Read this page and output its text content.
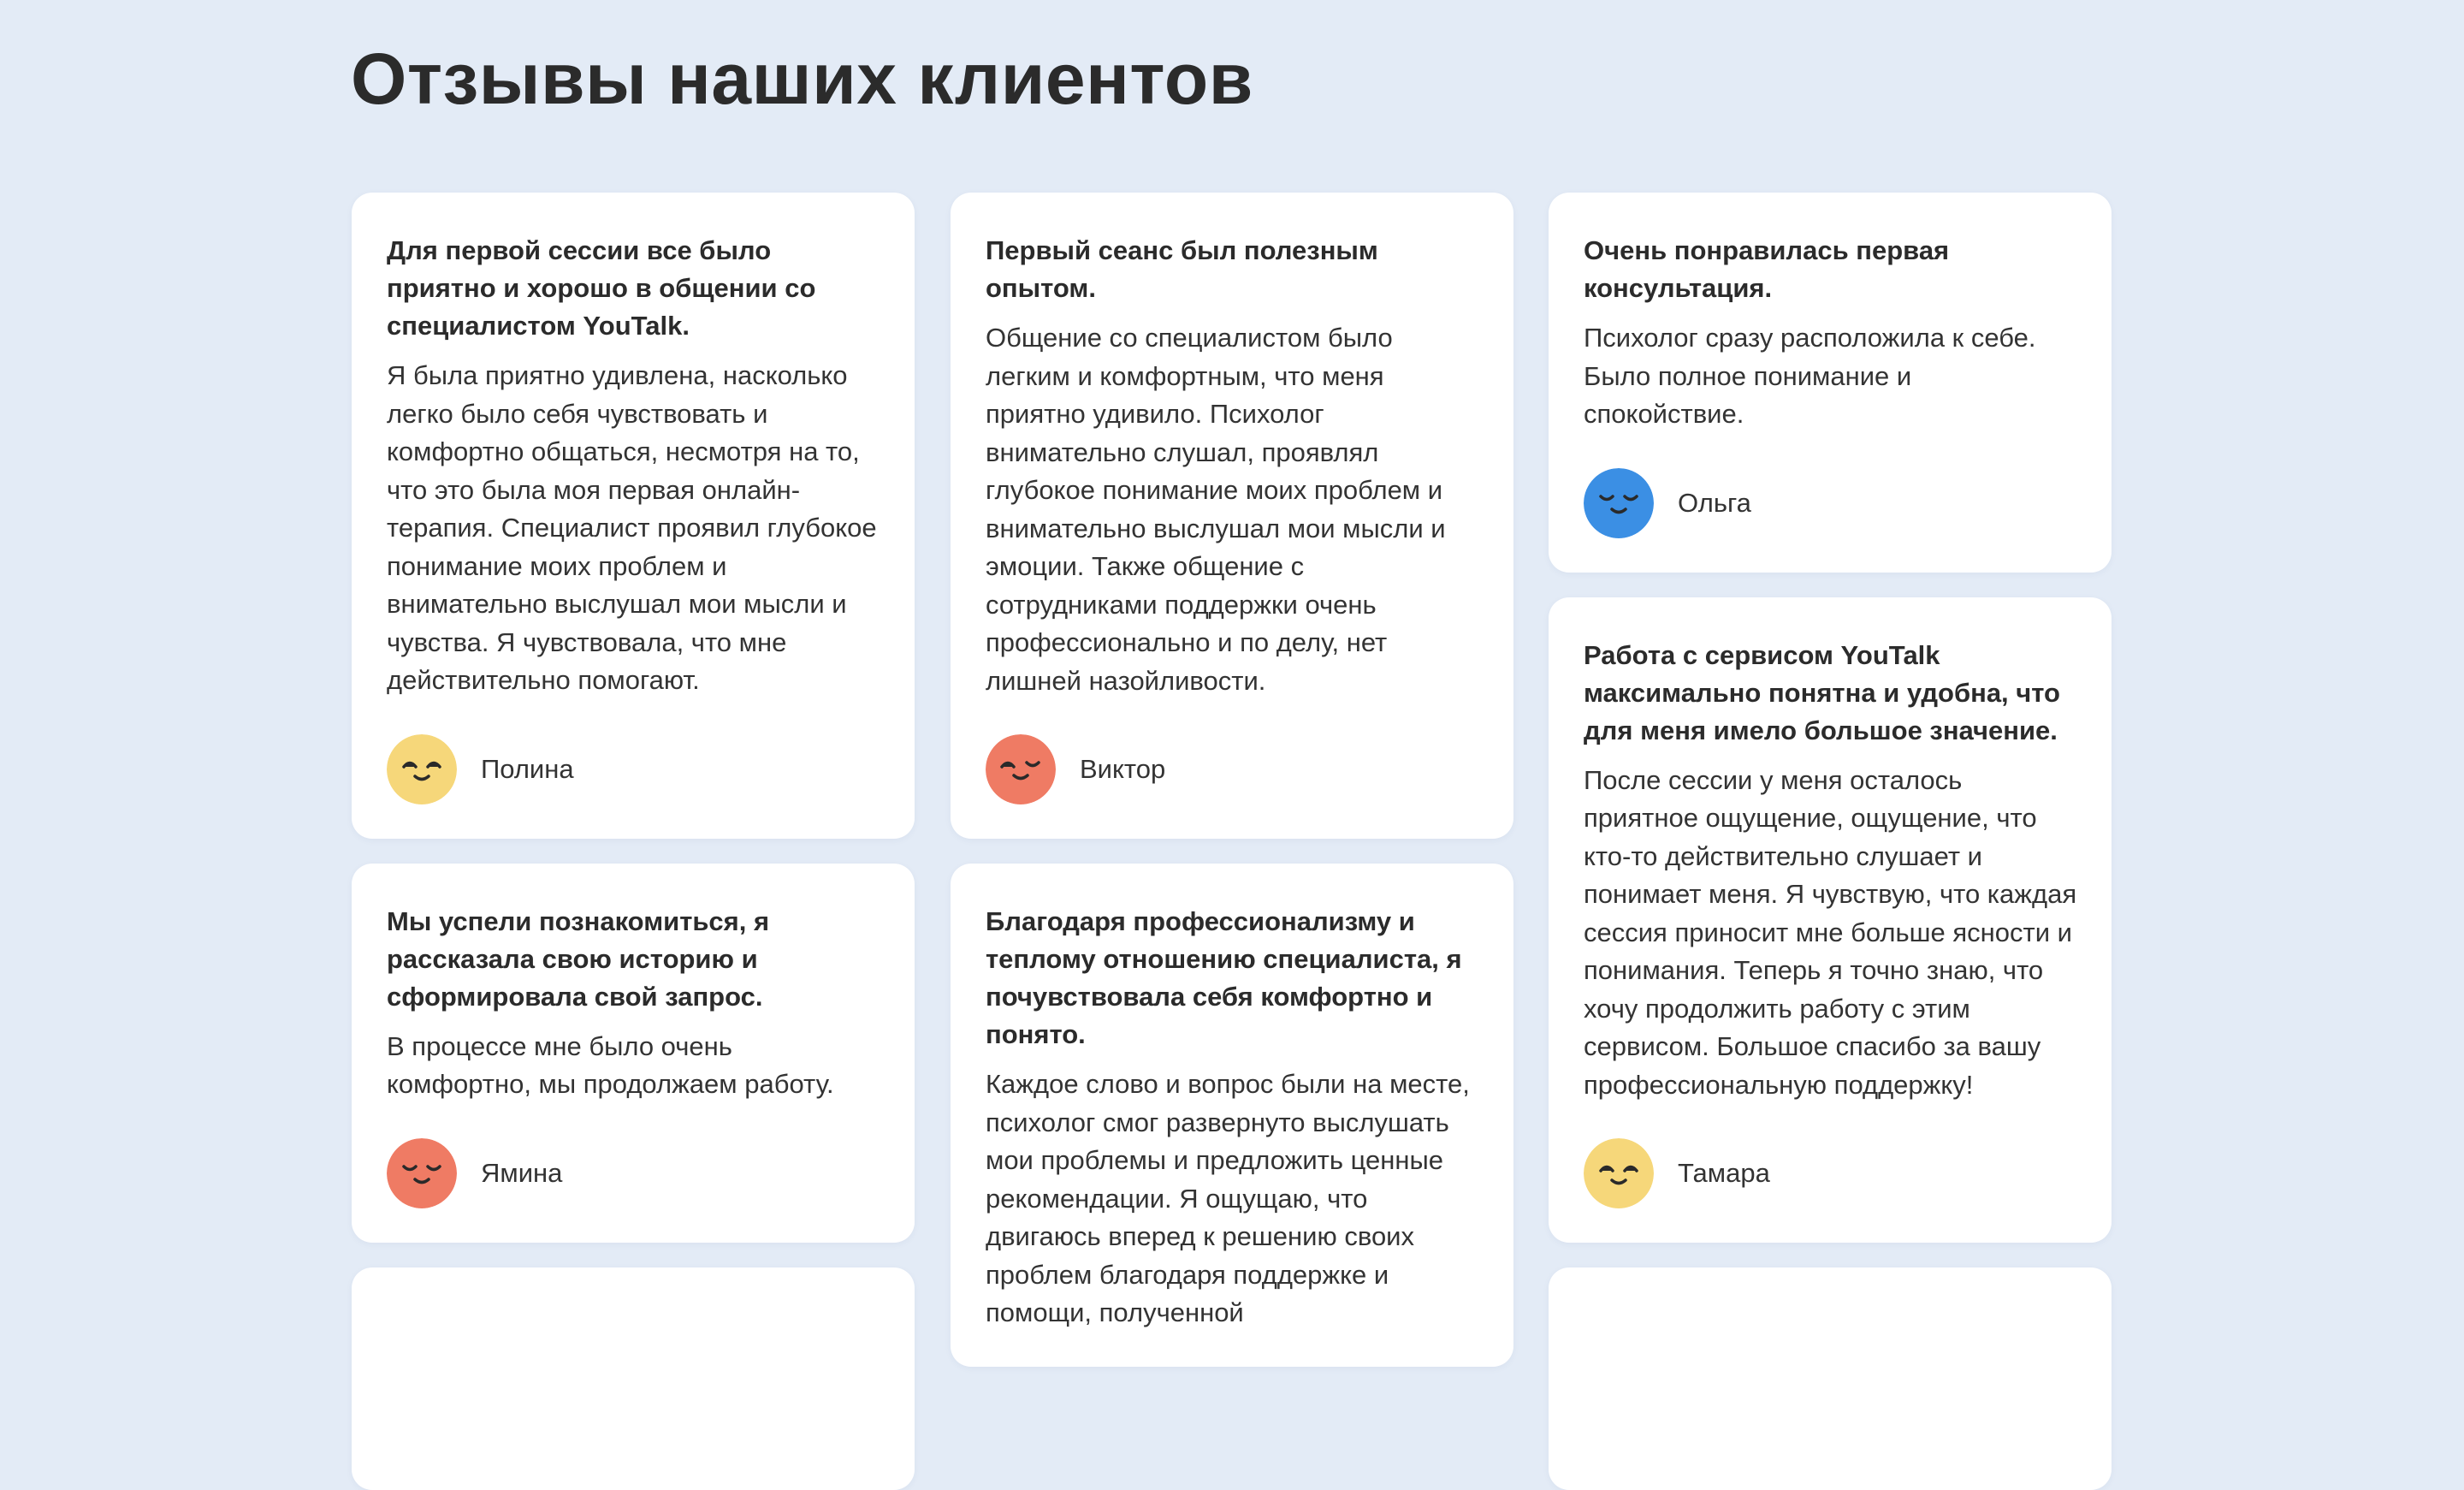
Отзывы наших клиентов
Для первой сессии все было приятно и хорошо в общении со специалистом YouTalk.

Я была приятно удивлена, насколько легко было себя чувствовать и комфортно общаться, несмотря на то, что это была моя первая онлайн-терапия. Специалист проявил глубокое понимание моих проблем и внимательно выслушал мои мысли и чувства. Я чувствовала, что мне действительно помогают.

Полина
Мы успели познакомиться, я рассказала свою историю и сформировала свой запрос.

В процессе мне было очень комфортно, мы продолжаем работу.

Ямина
Первый сеанс был полезным опытом.

Общение со специалистом было легким и комфортным, что меня приятно удивило. Психолог внимательно слушал, проявлял глубокое понимание моих проблем и внимательно выслушал мои мысли и эмоции. Также общение с сотрудниками поддержки очень профессионально и по делу, нет лишней назойливости.

Виктор
Благодаря профессионализму и теплому отношению специалиста, я почувствовала себя комфортно и понято.

Каждое слово и вопрос были на месте, психолог смог развернуто выслушать мои проблемы и предложить ценные рекомендации. Я ощущаю, что двигаюсь вперед к решению своих проблем благодаря поддержке и помощи, полученной

Очень понравилась первая консультация.

Психолог сразу расположила к себе. Было полное понимание и спокойствие.

Ольга
Работа с сервисом YouTalk максимально понятна и удобна, что для меня имело большое значение.

После сессии у меня осталось приятное ощущение, ощущение, что кто-то действительно слушает и понимает меня. Я чувствую, что каждая сессия приносит мне больше ясности и понимания. Теперь я точно знаю, что хочу продолжить работу с этим сервисом. Большое спасибо за вашу профессиональную поддержку!

Тамара
